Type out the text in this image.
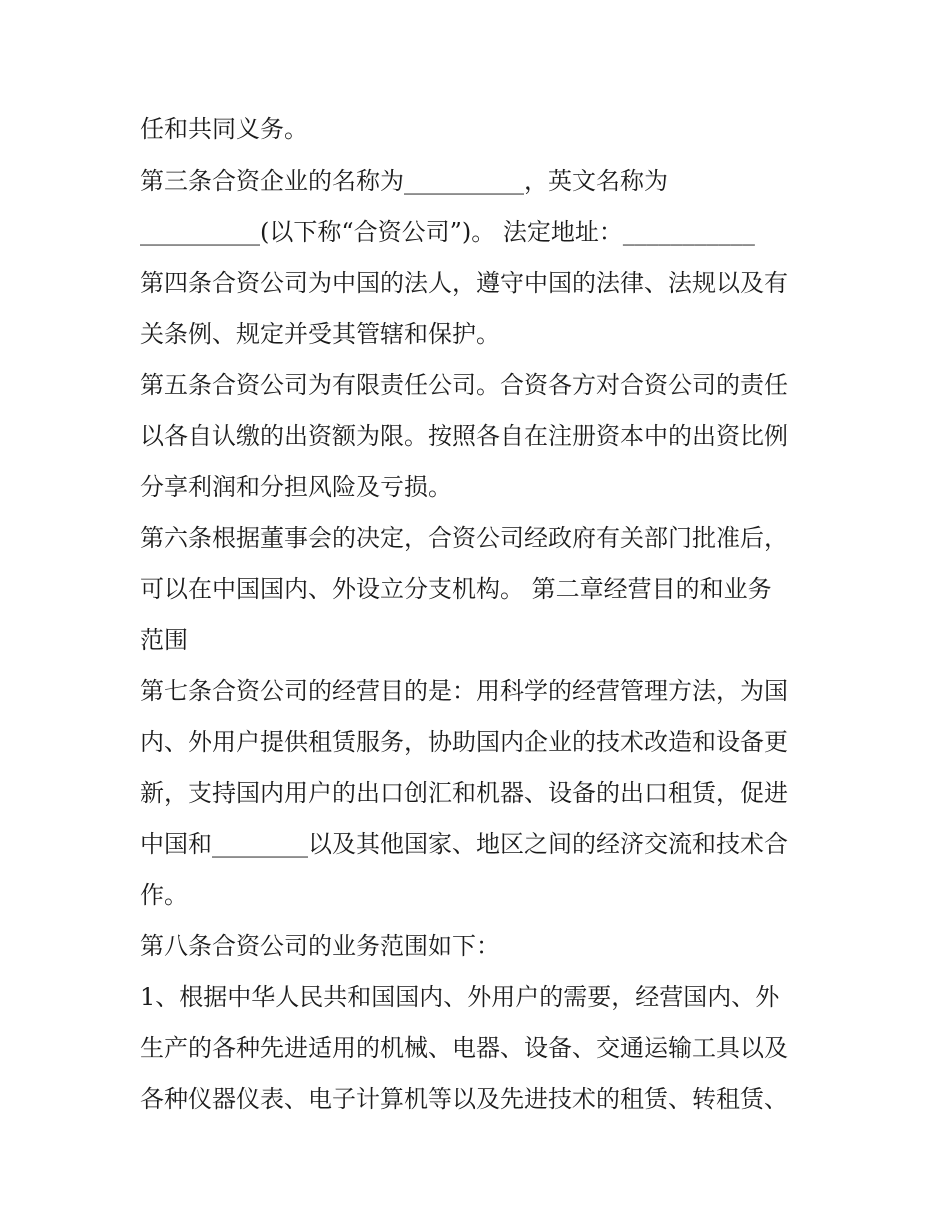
任和共同义务。

第三条合资企业的名称为__________，英文名称为

__________(以下称“合资公司”)。 法定地址：___________

第四条合资公司为中国的法人，遵守中国的法律、法规以及有

关条例、规定并受其管辖和保护。

第五条合资公司为有限责任公司。合资各方对合资公司的责任

以各自认缴的出资额为限。按照各自在注册资本中的出资比例

分享利润和分担风险及亏损。

第六条根据董事会的决定，合资公司经政府有关部门批准后，

可以在中国国内、外设立分支机构。 第二章经营目的和业务

范围

第七条合资公司的经营目的是：用科学的经营管理方法，为国

内、外用户提供租赁服务，协助国内企业的技术改造和设备更

新，支持国内用户的出口创汇和机器、设备的出口租赁，促进

中国和________以及其他国家、地区之间的经济交流和技术合

作。

第八条合资公司的业务范围如下：

1、根据中华人民共和国国内、外用户的需要，经营国内、外

生产的各种先进适用的机械、电器、设备、交通运输工具以及

各种仪器仪表、电子计算机等以及先进技术的租赁、转租赁、
